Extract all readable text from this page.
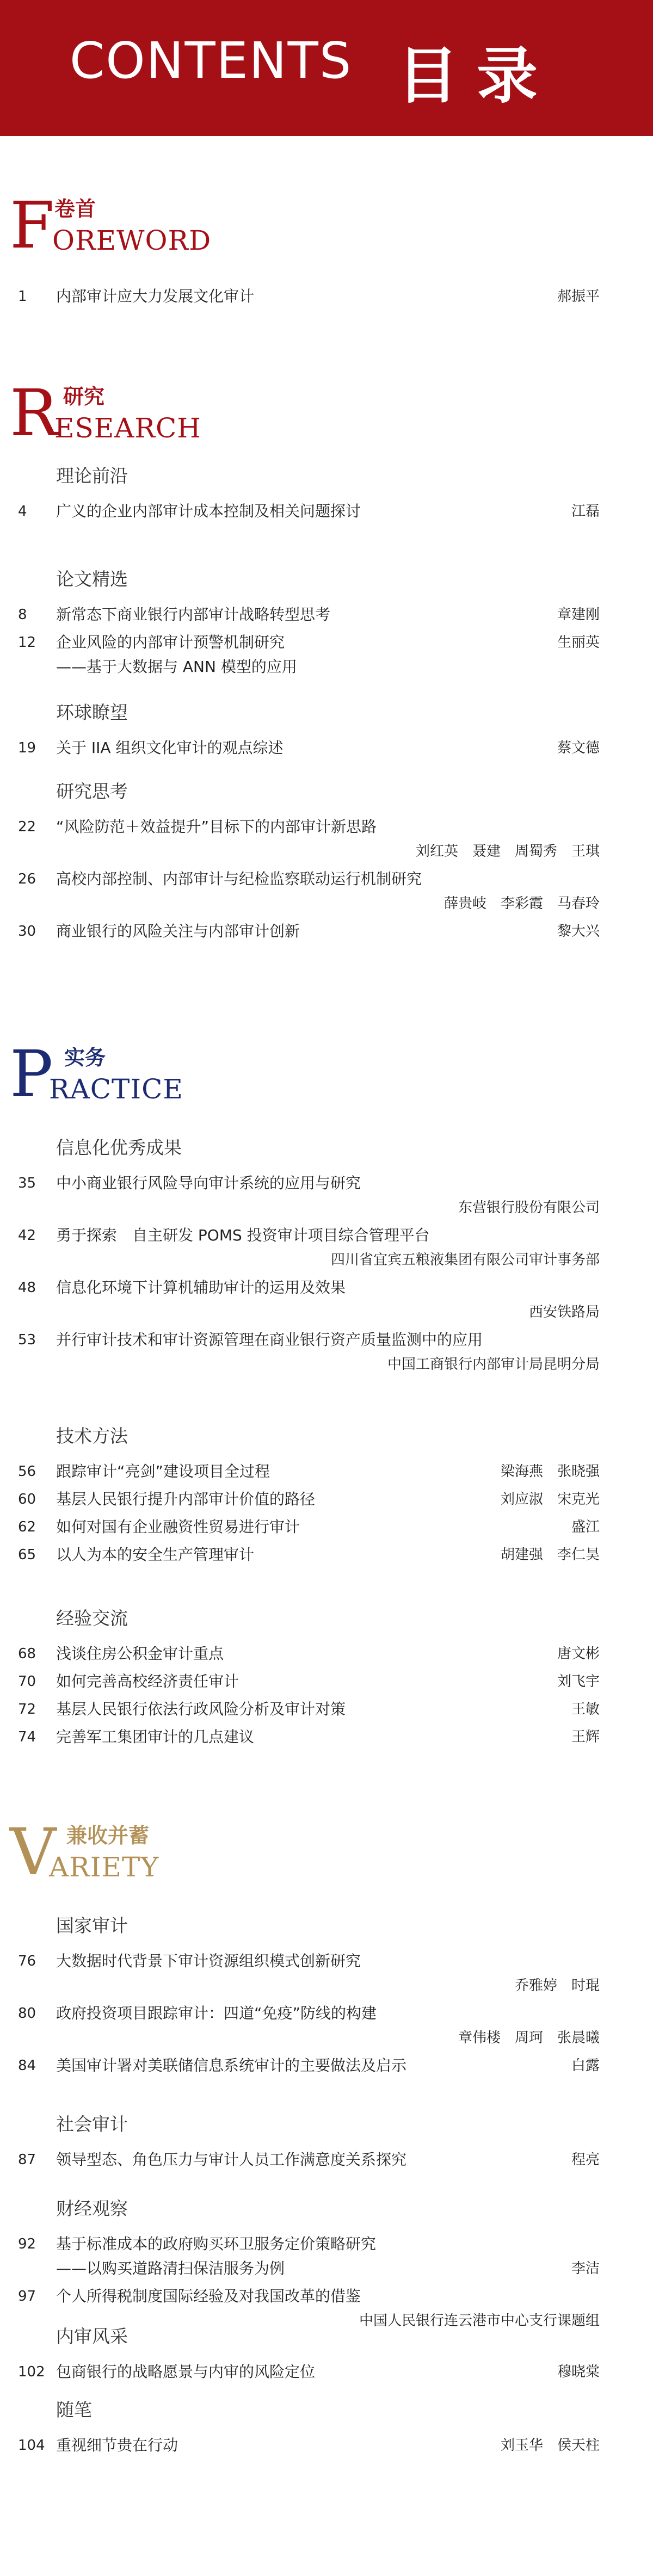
CONTENTS 目录
F
OREWORD
卷首
1 内部审计应大力发展文化审计	郝振平
R
ESEARCH
研究
理论前沿
4 广义的企业内部审计成本控制及相关问题探讨	江磊
论文精选
8 新常态下商业银行内部审计战略转型思考	章建刚
12 企业风险的内部审计预警机制研究	生丽英
——基于大数据与 ANN 模型的应用
环球瞭望
19 关于 IIA 组织文化审计的观点综述	蔡文德
研究思考
22 “风险防范＋效益提升”目标下的内部审计新思路
刘红英　聂建　周蜀秀　王琪
26 高校内部控制、内部审计与纪检监察联动运行机制研究
薛贵岐　李彩霞　马春玲
30 商业银行的风险关注与内部审计创新	黎大兴
P
RACTICE
实务
信息化优秀成果
35 中小商业银行风险导向审计系统的应用与研究
东营银行股份有限公司
42 勇于探索　自主研发 POMS 投资审计项目综合管理平台
四川省宜宾五粮液集团有限公司审计事务部
48 信息化环境下计算机辅助审计的运用及效果
西安铁路局
53 并行审计技术和审计资源管理在商业银行资产质量监测中的应用
中国工商银行内部审计局昆明分局
技术方法
56 跟踪审计“亮剑”建设项目全过程	梁海燕　张晓强
60 基层人民银行提升内部审计价值的路径	刘应淑　宋克光
62 如何对国有企业融资性贸易进行审计	盛江
65 以人为本的安全生产管理审计	胡建强　李仁昊
经验交流
68 浅谈住房公积金审计重点	唐文彬
70 如何完善高校经济责任审计	刘飞宇
72 基层人民银行依法行政风险分析及审计对策	王敏
74 完善军工集团审计的几点建议	王辉
V
ARIETY
兼收并蓄
国家审计
76 大数据时代背景下审计资源组织模式创新研究
乔雅婷　时琨
80 政府投资项目跟踪审计：四道“免疫”防线的构建
章伟楼　周珂　张晨曦
84 美国审计署对美联储信息系统审计的主要做法及启示	白露
社会审计
87 领导型态、角色压力与审计人员工作满意度关系探究	程亮
财经观察
92 基于标准成本的政府购买环卫服务定价策略研究
——以购买道路清扫保洁服务为例	李洁
97 个人所得税制度国际经验及对我国改革的借鉴
中国人民银行连云港市中心支行课题组
内审风采
102 包商银行的战略愿景与内审的风险定位	穆晓棠
随笔
104 重视细节贵在行动	刘玉华　侯天柱
